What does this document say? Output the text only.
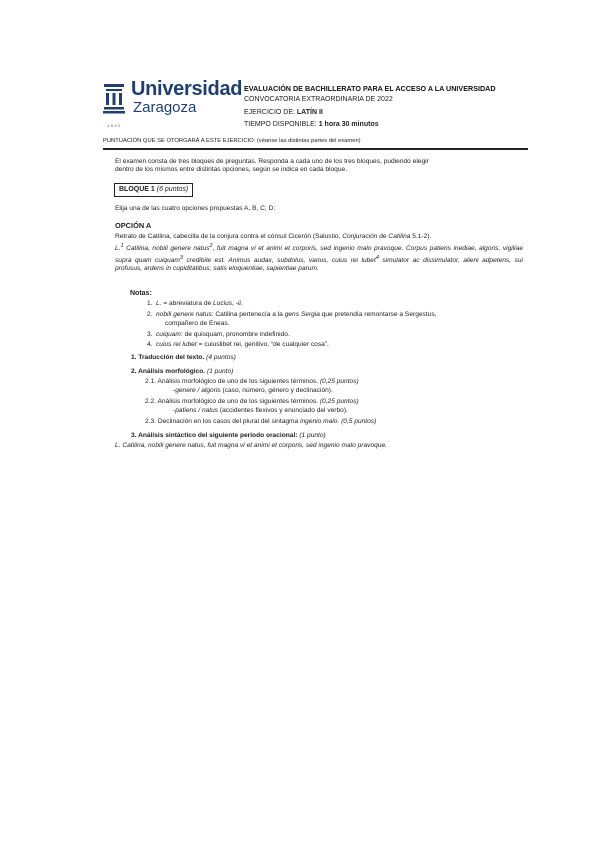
Universidad
Zaragoza
1542
EVALUACIÓN DE BACHILLERATO PARA EL ACCESO A LA UNIVERSIDAD
CONVOCATORIA EXTRAORDINARIA DE 2022
EJERCICIO DE: LATÍN II
TIEMPO DISPONIBLE: 1 hora 30 minutos
PUNTUACIÓN QUE SE OTORGARÁ A ESTE EJERCICIO: (véanse las distintas partes del examen)
El examen consta de tres bloques de preguntas. Responda a cada uno de los tres bloques, pudiendo elegir
dentro de los mismos entre distintas opciones, según se indica en cada bloque.
BLOQUE 1 (6 puntos)
Elija una de las cuatro opciones propuestas A, B, C, D:
OPCIÓN A
Retrato de Catilina, cabecilla de la conjura contra el cónsul Cicerón (Salustio, Conjuración de Catilina 5.1-2).
L.$^1$ Catilina, nobili genere natus$^2$, fuit magna vi et animi et corporis, sed ingenio malo pravoque. Corpus patiens inediae, algoris, vigiliae supra quam cuiquam$^3$ credibile est. Animus audax, subdolus, varius, cuius rei lubet$^4$ simulator ac dissimulator, alieni adpetens, sui profusus, ardens in cupiditatibus; satis eloquentiae, sapientiae parum.
Notas:
1. L. = abreviatura de Lucius, -ii.
2. nobili genere natus: Catilina pertenecía a la gens Sergia que pretendía remontarse a Sergestus,
compañero de Eneas.
3. cuiquam: de quisquam, pronombre indefinido.
4. cuius rei lubet = cuiuslibet rei, genitivo, “de cualquier cosa”.
1. Traducción del texto. (4 puntos)
2. Análisis morfológico. (1 punto)
2.1. Análisis morfológico de uno de los siguientes términos. (0,25 puntos)
-genere / algoris (caso, número, género y declinación).
2.2. Análisis morfológico de uno de los siguientes términos. (0,25 puntos)
-patiens / natus (accidentes flexivos y enunciado del verbo).
2.3. Declinación en los casos del plural del sintagma ingenio malo. (0,5 puntos)
3. Análisis sintáctico del siguiente periodo oracional: (1 punto)
L. Catilina, nobili genere natus, fuit magna vi et animi et corporis, sed ingenio malo pravoque.
